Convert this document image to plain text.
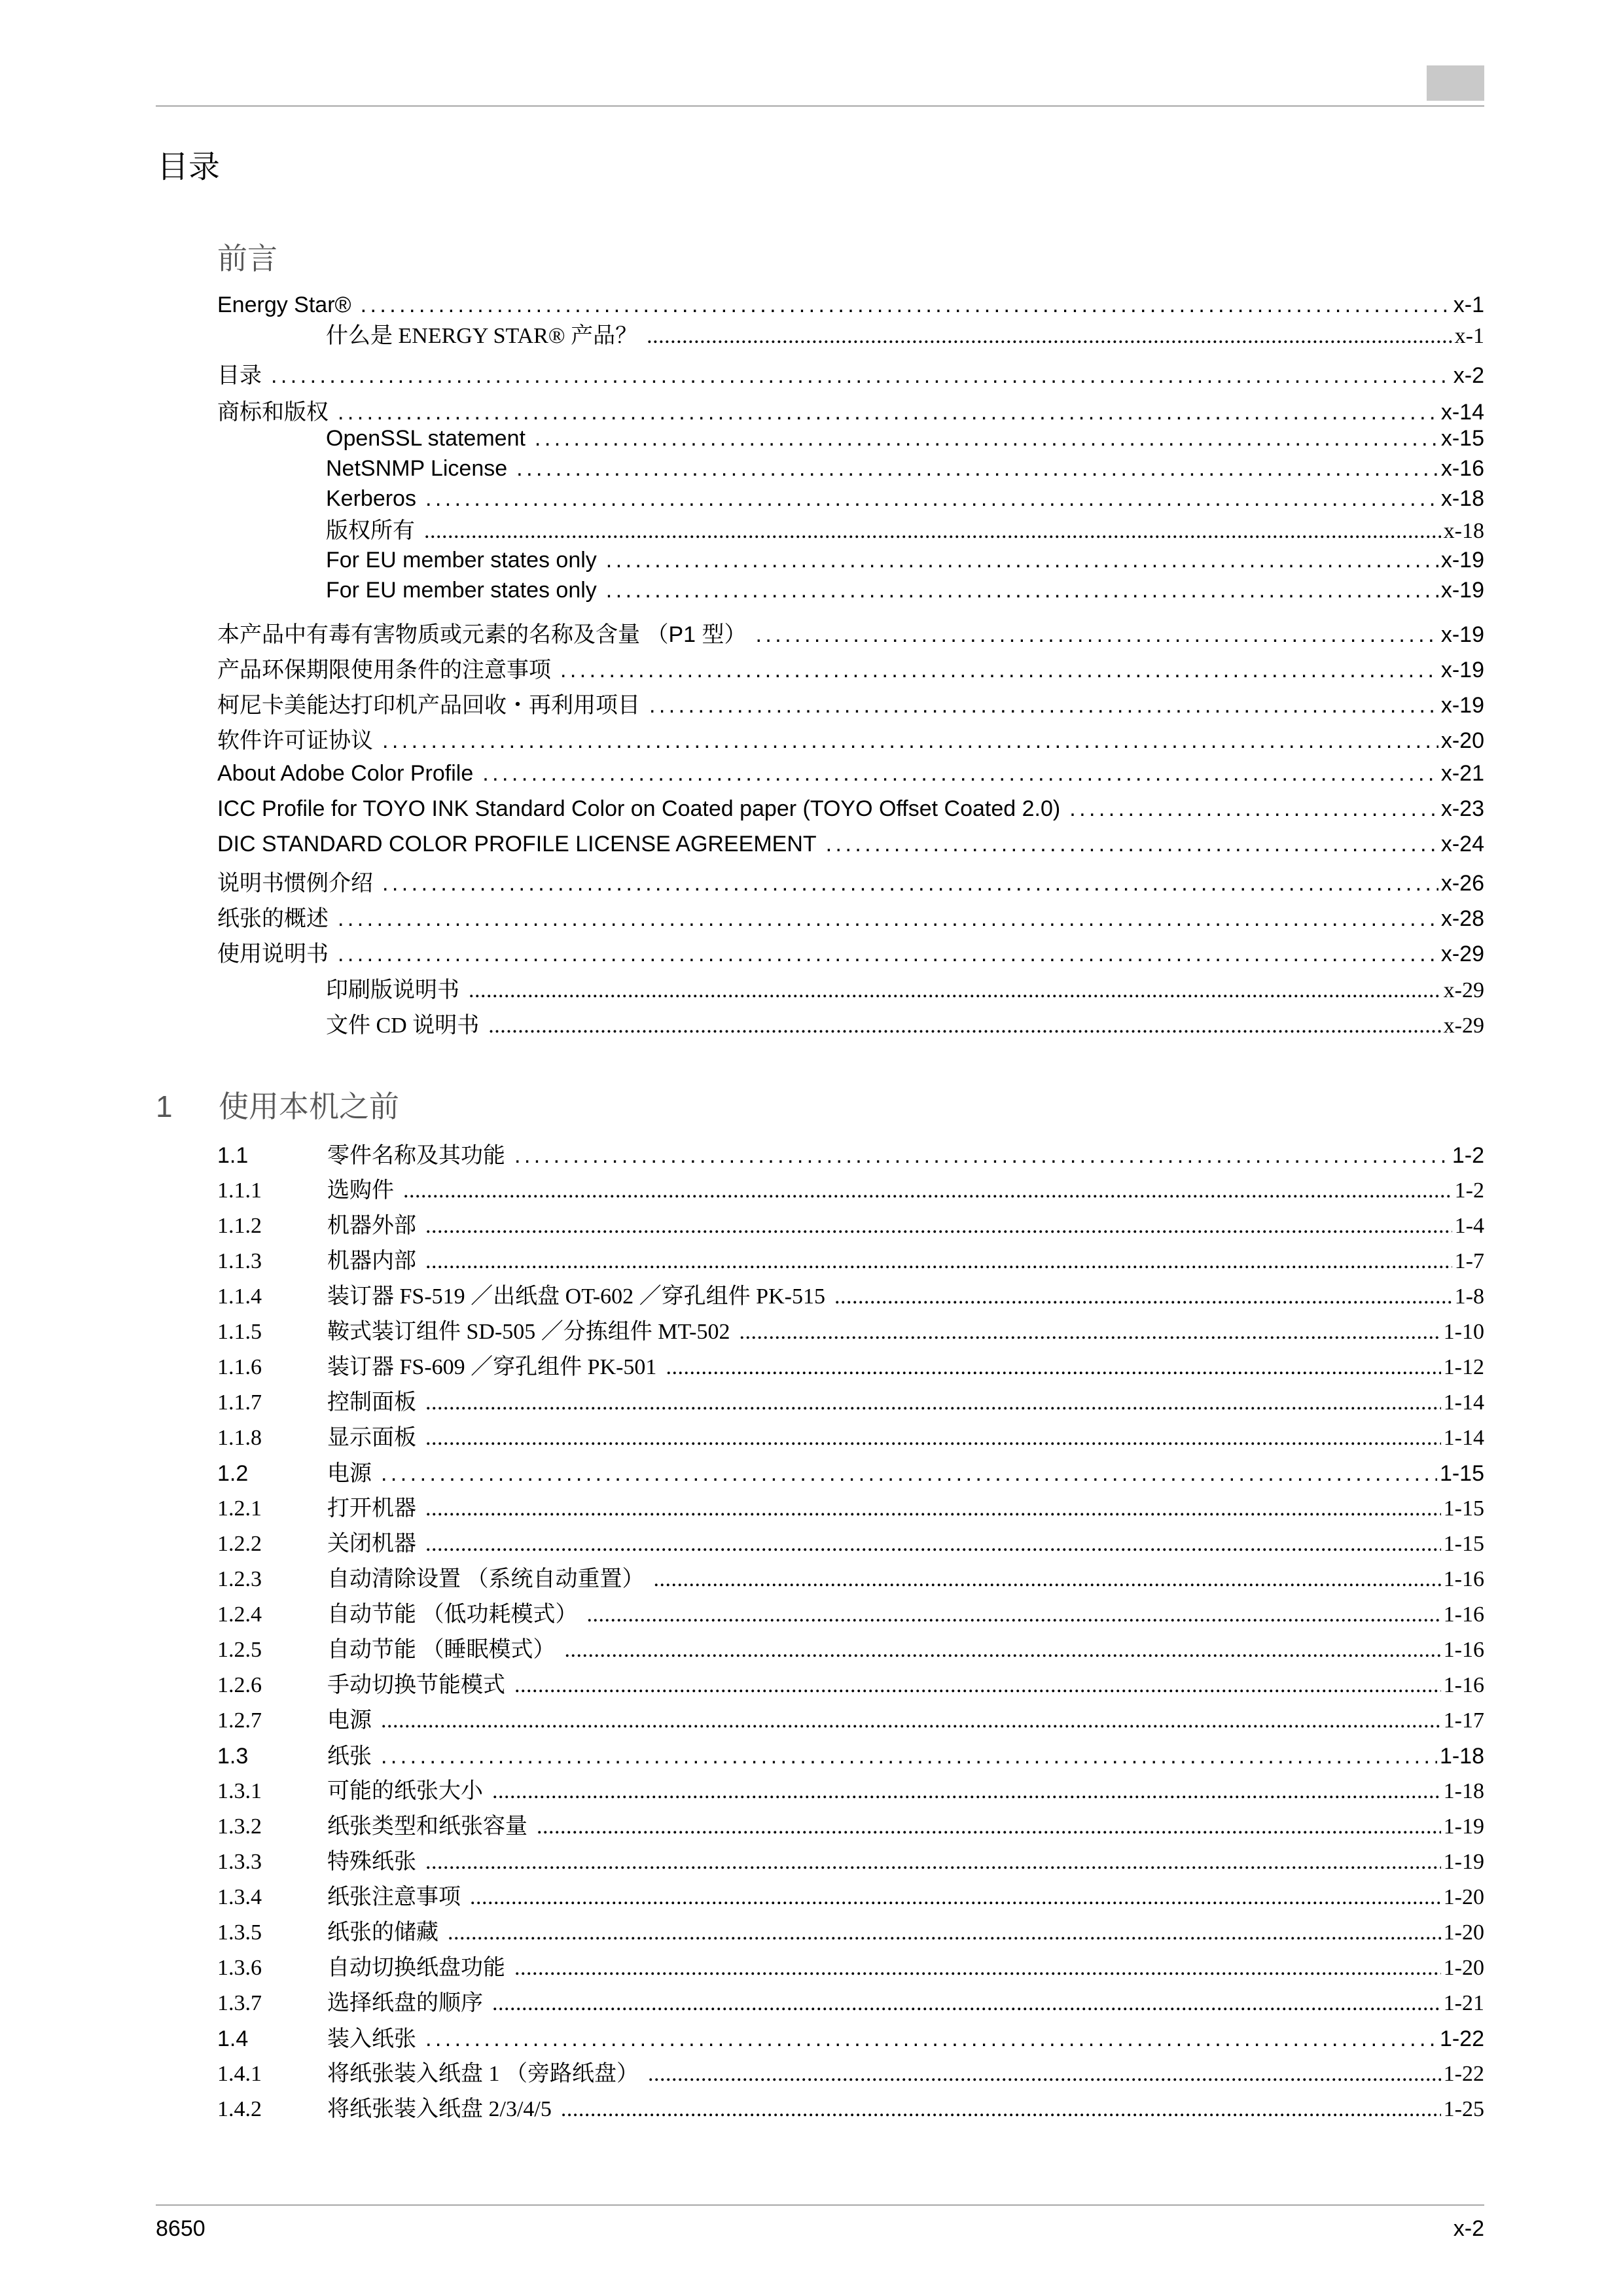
目录
前言
Energy Star® . . .	x-1
什么是 ENERGY STAR® 产品？ . . .	x-1
目录 . . .	x-2
商标和版权 . . .	x-14
OpenSSL statement . . .	x-15
NetSNMP License . . .	x-16
Kerberos . . .	x-18
版权所有 . . .	x-18
For EU member states only . . .	x-19
For EU member states only . . .	x-19
本产品中有毒有害物质或元素的名称及含量 （P1 型） . . .	x-19
产品环保期限使用条件的注意事项 . . .	x-19
柯尼卡美能达打印机产品回收・再利用项目 . . .	x-19
软件许可证协议 . . .	x-20
About Adobe Color Profile . . .	x-21
ICC Profile for TOYO INK Standard Color on Coated paper (TOYO Offset Coated 2.0) . . .	x-23
DIC STANDARD COLOR PROFILE LICENSE AGREEMENT . . .	x-24
说明书惯例介绍 . . .	x-26
纸张的概述 . . .	x-28
使用说明书 . . .	x-29
印刷版说明书 . . .	x-29
文件 CD 说明书 . . .	x-29
1 使用本机之前
1.1	零件名称及其功能 . . .	1-2
1.1.1	选购件 . . .	1-2
1.1.2	机器外部 . . .	1-4
1.1.3	机器内部 . . .	1-7
1.1.4	装订器 FS-519 ／出纸盘 OT-602 ／穿孔组件 PK-515 . . .	1-8
1.1.5	鞍式装订组件 SD-505 ／分拣组件 MT-502 . . .	1-10
1.1.6	装订器 FS-609 ／穿孔组件 PK-501 . . .	1-12
1.1.7	控制面板 . . .	1-14
1.1.8	显示面板 . . .	1-14
1.2	电源 . . .	1-15
1.2.1	打开机器 . . .	1-15
1.2.2	关闭机器 . . .	1-15
1.2.3	自动清除设置 （系统自动重置） . . .	1-16
1.2.4	自动节能 （低功耗模式） . . .	1-16
1.2.5	自动节能 （睡眠模式） . . .	1-16
1.2.6	手动切换节能模式 . . .	1-16
1.2.7	电源 . . .	1-17
1.3	纸张 . . .	1-18
1.3.1	可能的纸张大小 . . .	1-18
1.3.2	纸张类型和纸张容量 . . .	1-19
1.3.3	特殊纸张 . . .	1-19
1.3.4	纸张注意事项 . . .	1-20
1.3.5	纸张的储藏 . . .	1-20
1.3.6	自动切换纸盘功能 . . .	1-20
1.3.7	选择纸盘的顺序 . . .	1-21
1.4	装入纸张 . . .	1-22
1.4.1	将纸张装入纸盘 1 （旁路纸盘） . . .	1-22
1.4.2	将纸张装入纸盘 2/3/4/5 . . .	1-25
8650	x-2
